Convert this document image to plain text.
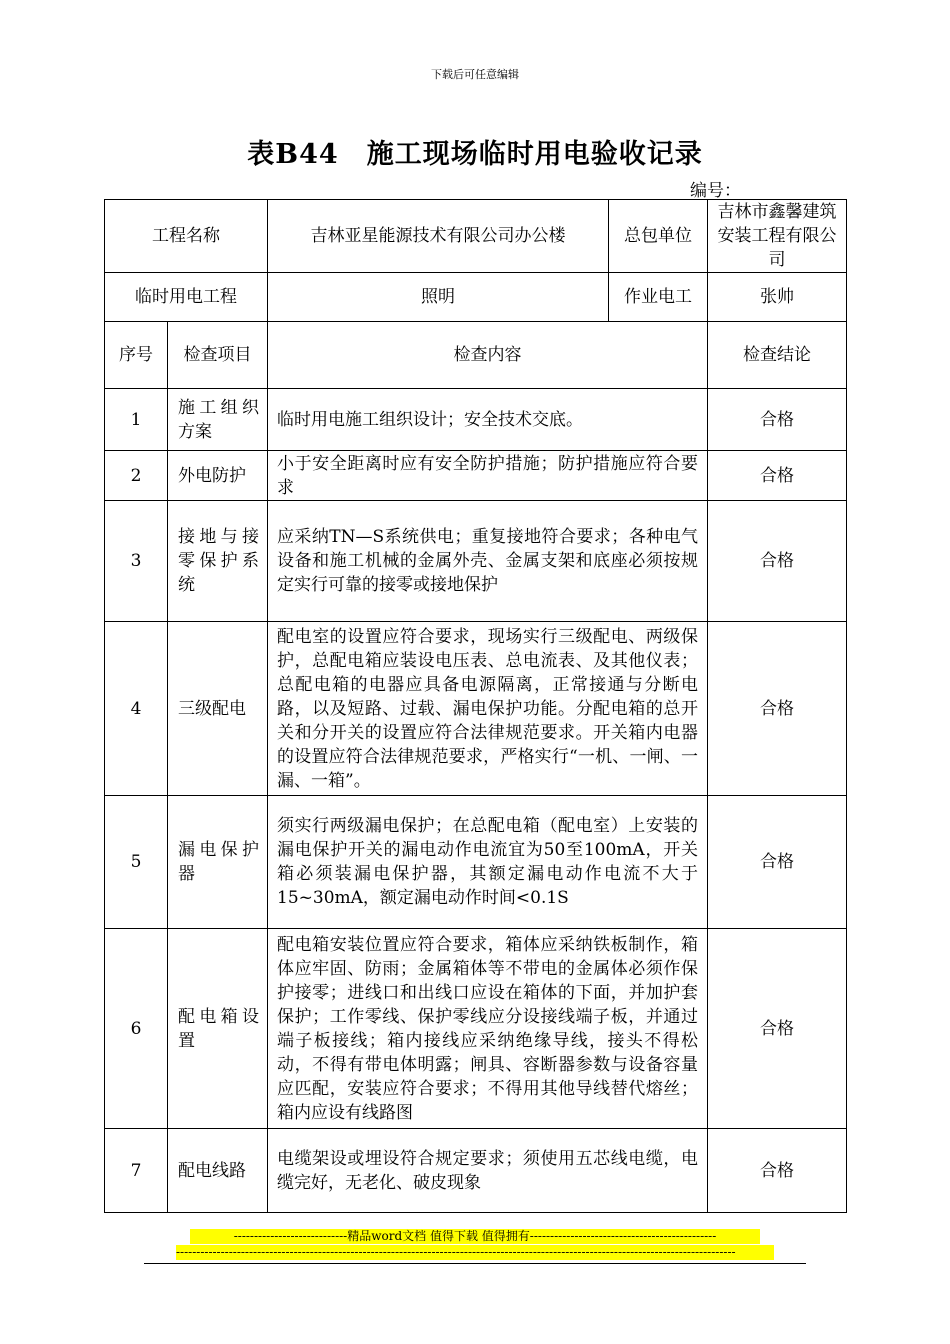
下载后可任意编辑
表B44　施工现场临时用电验收记录
编号：
工程名称		吉林亚星能源技术有限公司办公楼	总包单位	吉林市鑫馨建筑安装工程有限公司
临时用电工程		照明	作业电工	张帅
序号	检查项目	检查内容		检查结论
1	施工组织方案	临时用电施工组织设计；安全技术交底。		合格
2	外电防护	小于安全距离时应有安全防护措施；防护措施应符合要求		合格
3	接地与接零保护系统	应采纳TN—S系统供电；重复接地符合要求；各种电气设备和施工机械的金属外壳、金属支架和底座必须按规定实行可靠的接零或接地保护		合格
4	三级配电	配电室的设置应符合要求，现场实行三级配电、两级保护，总配电箱应装设电压表、总电流表、及其他仪表；总配电箱的电器应具备电源隔离，正常接通与分断电路，以及短路、过载、漏电保护功能。分配电箱的总开关和分开关的设置应符合法律规范要求。开关箱内电器的设置应符合法律规范要求，严格实行“一机、一闸、一漏、一箱”。		合格
5	漏电保护器	须实行两级漏电保护；在总配电箱（配电室）上安装的漏电保护开关的漏电动作电流宜为50至100mA，开关箱必须装漏电保护器，其额定漏电动作电流不大于15~30mA，额定漏电动作时间<0.1S		合格
6	配电箱设置	配电箱安装位置应符合要求，箱体应采纳铁板制作，箱体应牢固、防雨；金属箱体等不带电的金属体必须作保护接零；进线口和出线口应设在箱体的下面，并加护套保护；工作零线、保护零线应分设接线端子板，并通过端子板接线；箱内接线应采纳绝缘导线，接头不得松动，不得有带电体明露；闸具、容断器参数与设备容量应匹配，安装应符合要求；不得用其他导线替代熔丝；箱内应设有线路图		合格
7	配电线路	电缆架设或埋设符合规定要求；须使用五芯线电缆，电缆完好，无老化、破皮现象		合格
----------------------------精品word文档 值得下载 值得拥有----------------------------------------------
------------------------------------------------------------------------------------------------------------------------------------------
